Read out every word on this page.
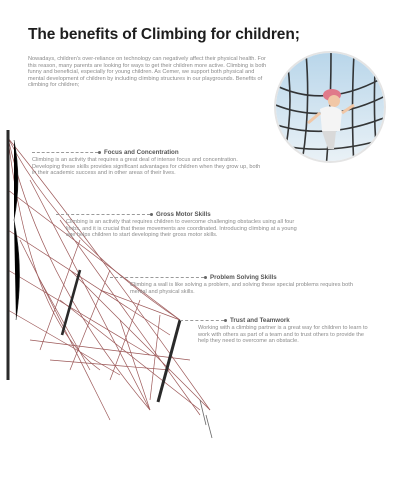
The benefits of Climbing for children;

Nowadays, children's over-reliance on technology can negatively affect their physical health. For this reason, many parents are looking for ways to get their children more active. Climbing is both funny and beneficial, especially for young children. As Cemer, we support both physical and mental development of children by including climbing structures in our playgrounds. Benefits of climbing for children;

Focus and Concentration

Climbing is an activity that requires a great deal of intense focus and concentration. Developing these skills provides significant advantages for children when they grow up, both in their academic success and in other areas of their lives.

Gross Motor Skills

Climbing is an activity that requires children to overcome challenging obstacles using all four limbs, and it is crucial that these movements are coordinated. Introducing climbing at a young age helps children to start developing their gross motor skills.

Problem Solving Skills

Climbing a wall is like solving a problem, and solving these special problems requires both mental and physical skills.

Trust and Teamwork

Working with a climbing partner is a great way for children to learn to work with others as part of a team and to trust others to provide the help they need to overcome an obstacle.
